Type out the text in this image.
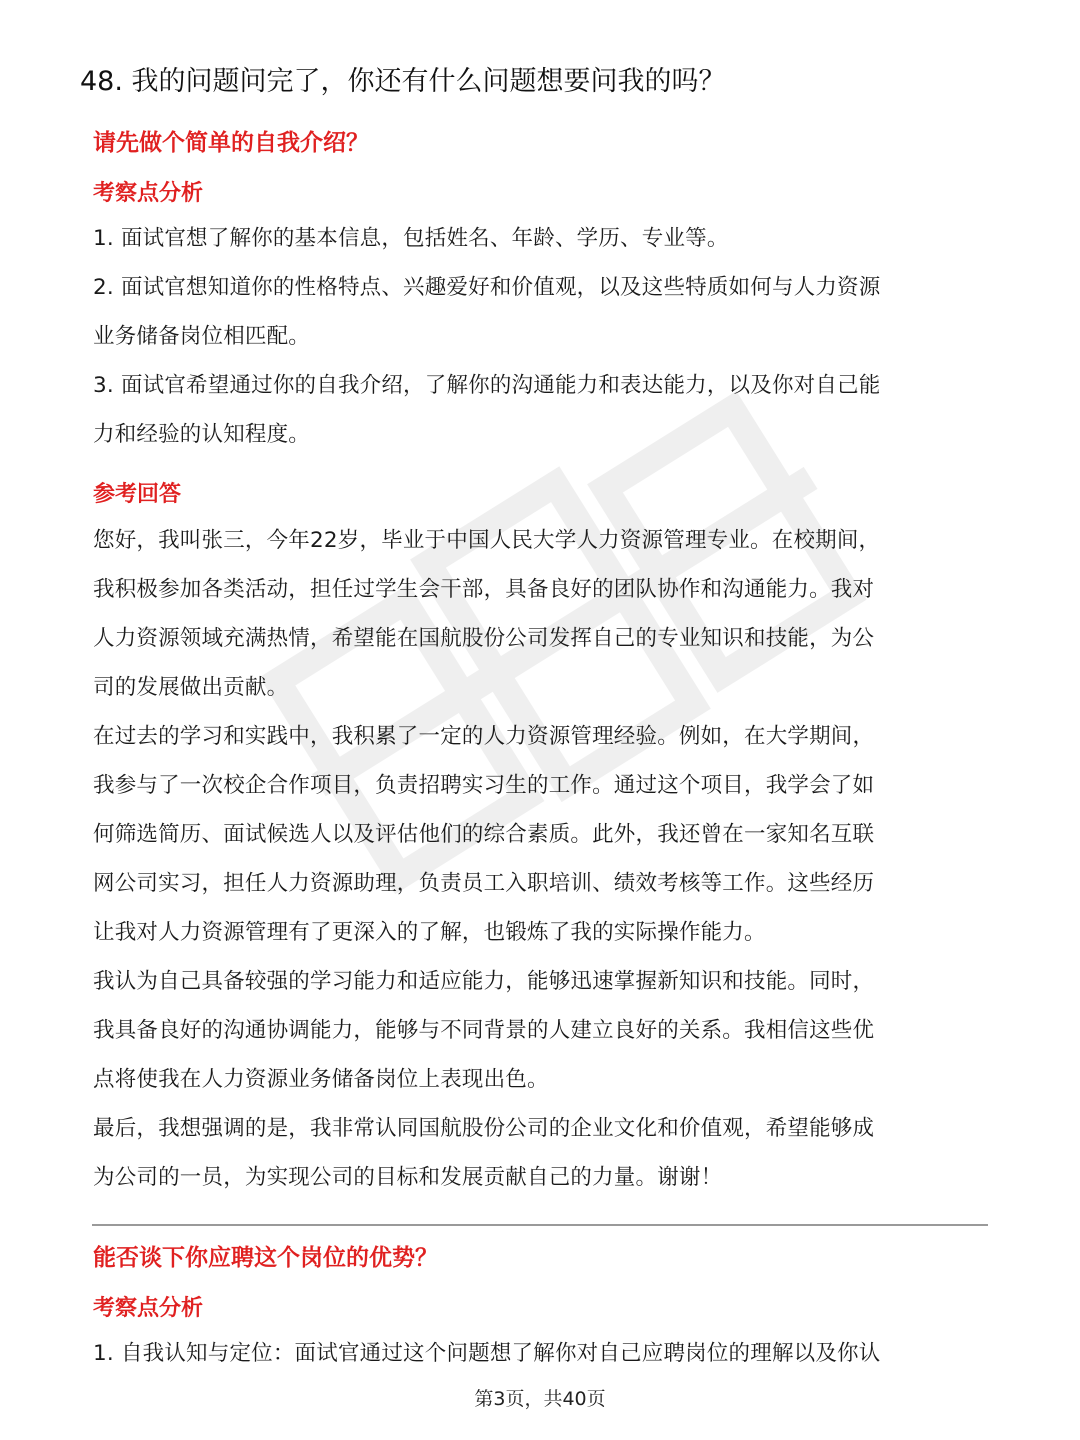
48. 我的问题问完了，你还有什么问题想要问我的吗？
请先做个简单的自我介绍？
考察点分析
1. 面试官想了解你的基本信息，包括姓名、年龄、学历、专业等。
2. 面试官想知道你的性格特点、兴趣爱好和价值观，以及这些特质如何与人力资源
业务储备岗位相匹配。
3. 面试官希望通过你的自我介绍，了解你的沟通能力和表达能力，以及你对自己能
力和经验的认知程度。
参考回答
您好，我叫张三，今年22岁，毕业于中国人民大学人力资源管理专业。在校期间，
我积极参加各类活动，担任过学生会干部，具备良好的团队协作和沟通能力。我对
人力资源领域充满热情，希望能在国航股份公司发挥自己的专业知识和技能，为公
司的发展做出贡献。
在过去的学习和实践中，我积累了一定的人力资源管理经验。例如，在大学期间，
我参与了一次校企合作项目，负责招聘实习生的工作。通过这个项目，我学会了如
何筛选简历、面试候选人以及评估他们的综合素质。此外，我还曾在一家知名互联
网公司实习，担任人力资源助理，负责员工入职培训、绩效考核等工作。这些经历
让我对人力资源管理有了更深入的了解，也锻炼了我的实际操作能力。
我认为自己具备较强的学习能力和适应能力，能够迅速掌握新知识和技能。同时，
我具备良好的沟通协调能力，能够与不同背景的人建立良好的关系。我相信这些优
点将使我在人力资源业务储备岗位上表现出色。
最后，我想强调的是，我非常认同国航股份公司的企业文化和价值观，希望能够成
为公司的一员，为实现公司的目标和发展贡献自己的力量。谢谢！
能否谈下你应聘这个岗位的优势？
考察点分析
1. 自我认知与定位：面试官通过这个问题想了解你对自己应聘岗位的理解以及你认
第3页，共40页
